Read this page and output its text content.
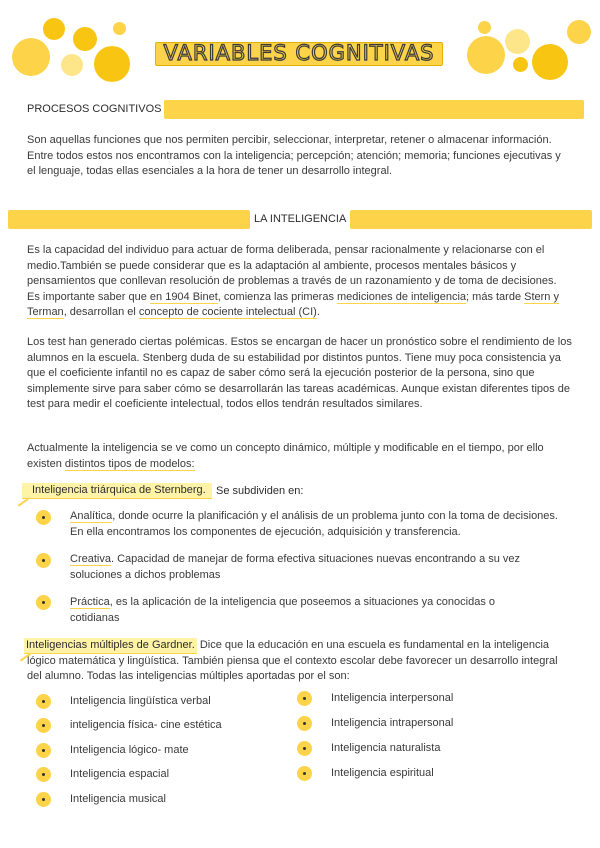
VARIABLES COGNITIVAS
PROCESOS COGNITIVOS
Son aquellas funciones que nos permiten percibir, seleccionar, interpretar, retener o almacenar información. Entre todos estos nos encontramos con la inteligencia; percepción; atención; memoria; funciones ejecutivas y el lenguaje, todas ellas esenciales a la hora de tener un desarrollo integral.
LA INTELIGENCIA
Es la capacidad del individuo para actuar de forma deliberada, pensar racionalmente y relacionarse con el medio.También se puede considerar que es la adaptación al ambiente, procesos mentales básicos y pensamientos que conllevan resolución de problemas a través de un razonamiento y de toma de decisiones. Es importante saber que en 1904 Binet, comienza las primeras mediciones de inteligencia; más tarde Stern y Terman, desarrollan el concepto de cociente intelectual (CI).
Los test han generado ciertas polémicas. Estos se encargan de hacer un pronóstico sobre el rendimiento de los alumnos en la escuela. Stenberg duda de su estabilidad por distintos puntos. Tiene muy poca consistencia ya que el coeficiente infantil no es capaz de saber cómo será la ejecución posterior de la persona, sino que simplemente sirve para saber cómo se desarrollarán las tareas académicas. Aunque existan diferentes tipos de test para medir el coeficiente intelectual, todos ellos tendrán resultados similares.
Actualmente la inteligencia se ve como un concepto dinámico, múltiple y modificable en el tiempo, por ello existen distintos tipos de modelos:
Inteligencia triárquica de Sternberg. Se subdividen en:
Analítica, donde ocurre la planificación y el análisis de un problema junto con la toma de decisiones. En ella encontramos los componentes de ejecución, adquisición y transferencia.
Creativa. Capacidad de manejar de forma efectiva situaciones nuevas encontrando a su vez soluciones a dichos problemas
Práctica, es la aplicación de la inteligencia que poseemos a situaciones ya conocidas o cotidianas
Inteligencias múltiples de Gardner. Dice que la educación en una escuela es fundamental en la inteligencia lógico matemática y lingüística. También piensa que el contexto escolar debe favorecer un desarrollo integral del alumno. Todas las inteligencias múltiples aportadas por el son:
Inteligencia lingüística verbal
inteligencia física- cine estética
Inteligencia lógico- mate
Inteligencia espacial
Inteligencia musical
Inteligencia interpersonal
Inteligencia intrapersonal
Inteligencia naturalista
Inteligencia espiritual
